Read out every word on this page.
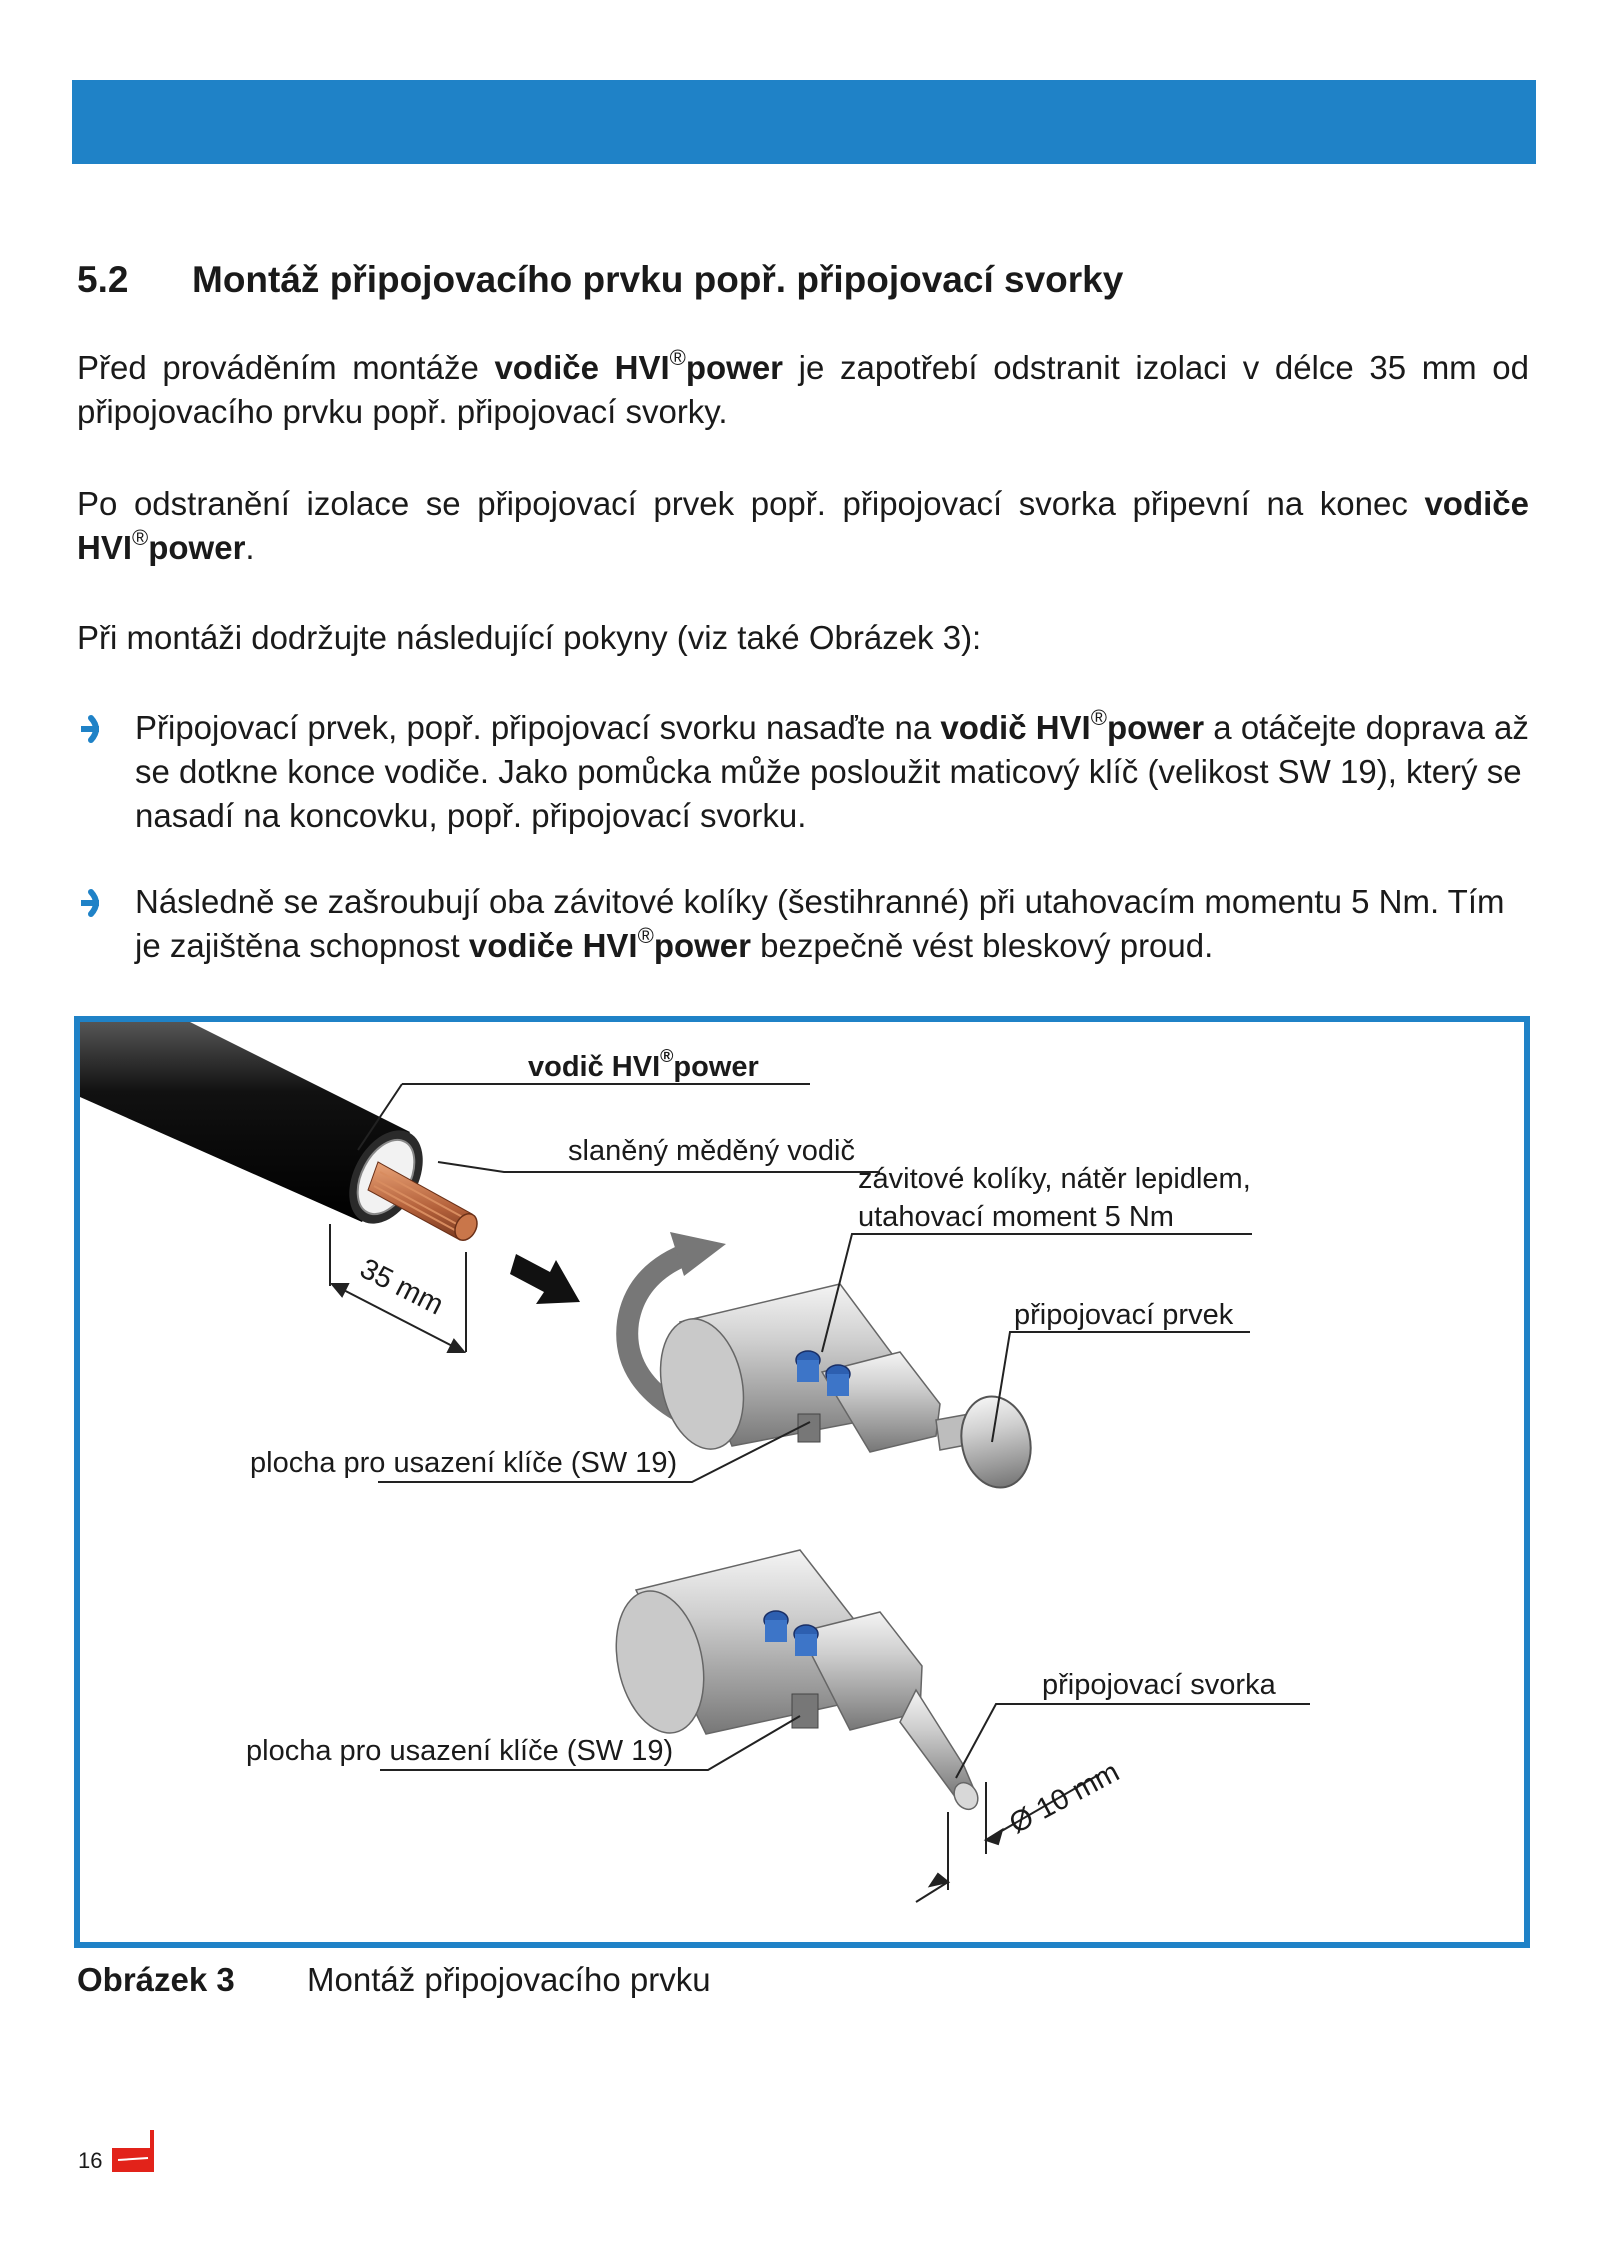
5.2 Montáž připojovacího prvku popř. připojovací svorky
Před prováděním montáže vodiče HVI®power je zapotřebí odstranit izolaci v délce 35 mm od připojovacího prvku popř. připojovací svorky.
Po odstranění izolace se připojovací prvek popř. připojovací svorka připevní na konec vodiče HVI®power.
Při montáži dodržujte následující pokyny (viz také Obrázek 3):
Připojovací prvek, popř. připojovací svorku nasaďte na vodič HVI®power a otáčejte doprava až se dotkne konce vodiče. Jako pomůcka může posloužit maticový klíč (velikost SW 19), který se nasadí na koncovku, popř. připojovací svorku.
Následně se zašroubují oba závitové kolíky (šestihranné) při utahovacím momentu 5 Nm. Tím je zajištěna schopnost vodiče HVI®power bezpečně vést bleskový proud.
35 mm
vodič HVI®power
slaněný měděný vodič
závitové kolíky, nátěr lepidlem,
utahovací moment 5 Nm
připojovací prvek
plocha pro usazení klíče (SW 19)
připojovací svorka
plocha pro usazení klíče (SW 19)
Ø 10 mm
Obrázek 3 Montáž připojovacího prvku
16
